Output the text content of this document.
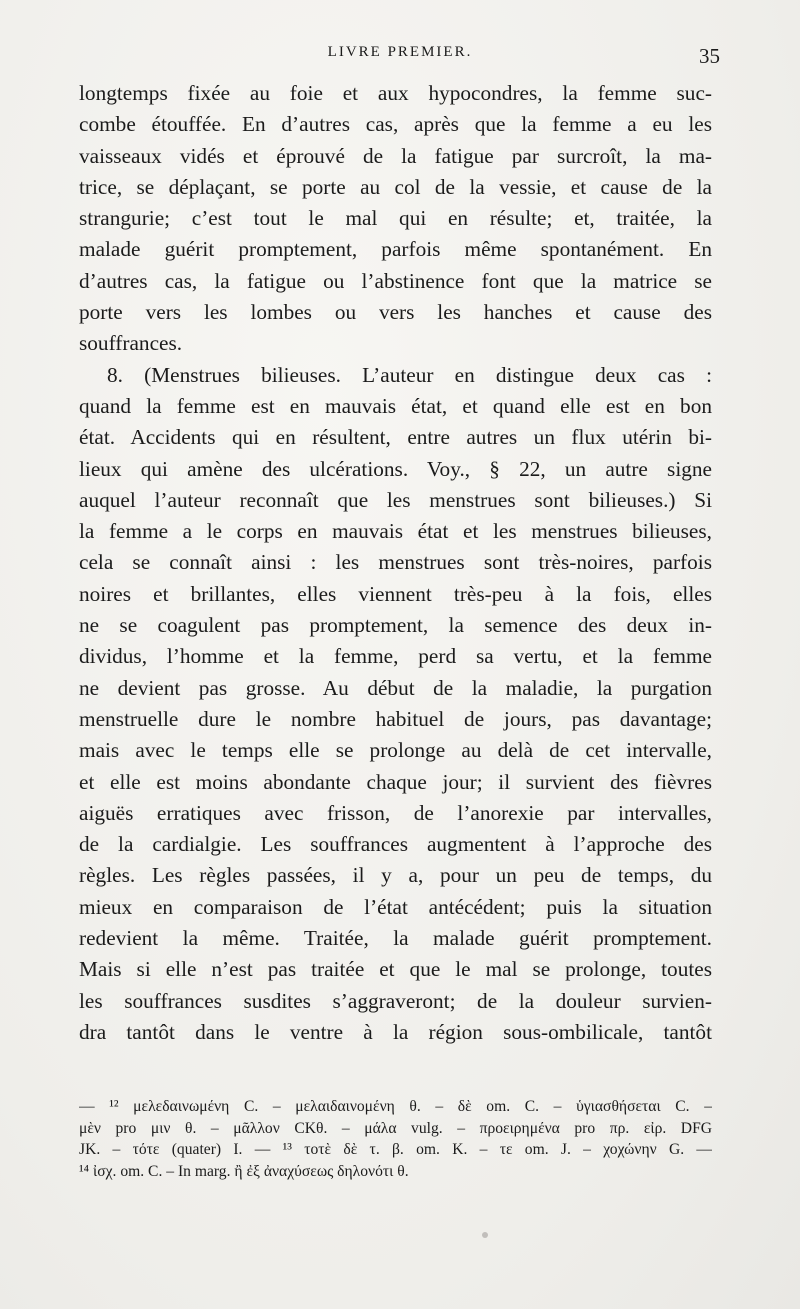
LIVRE PREMIER.	35
longtemps fixée au foie et aux hypocondres, la femme suc-
combe étouffée. En d’autres cas, après que la femme a eu les
vaisseaux vidés et éprouvé de la fatigue par surcroît, la ma-
trice, se déplaçant, se porte au col de la vessie, et cause de la
strangurie; c’est tout le mal qui en résulte; et, traitée, la
malade guérit promptement, parfois même spontanément. En
d’autres cas, la fatigue ou l’abstinence font que la matrice se
porte vers les lombes ou vers les hanches et cause des
souffrances.
8. (Menstrues bilieuses. L’auteur en distingue deux cas :
quand la femme est en mauvais état, et quand elle est en bon
état. Accidents qui en résultent, entre autres un flux utérin bi-
lieux qui amène des ulcérations. Voy., § 22, un autre signe
auquel l’auteur reconnaît que les menstrues sont bilieuses.) Si
la femme a le corps en mauvais état et les menstrues bilieuses,
cela se connaît ainsi : les menstrues sont très-noires, parfois
noires et brillantes, elles viennent très-peu à la fois, elles
ne se coagulent pas promptement, la semence des deux in-
dividus, l’homme et la femme, perd sa vertu, et la femme
ne devient pas grosse. Au début de la maladie, la purgation
menstruelle dure le nombre habituel de jours, pas davantage;
mais avec le temps elle se prolonge au delà de cet intervalle,
et elle est moins abondante chaque jour; il survient des fièvres
aiguës erratiques avec frisson, de l’anorexie par intervalles,
de la cardialgie. Les souffrances augmentent à l’approche des
règles. Les règles passées, il y a, pour un peu de temps, du
mieux en comparaison de l’état antécédent; puis la situation
redevient la même. Traitée, la malade guérit promptement.
Mais si elle n’est pas traitée et que le mal se prolonge, toutes
les souffrances susdites s’aggraveront; de la douleur survien-
dra tantôt dans le ventre à la région sous-ombilicale, tantôt
— ¹² μελεδαινωμένη C. – μελαιδαινομένη θ. – δὲ om. C. – ὑγιασθήσεται C. –
μὲν pro μιν θ. – μᾶλλον CKθ. – μάλα vulg. – προειρημένα pro πρ. εἰρ. DFG
JK. – τότε (quater) I. — ¹³ τοτὲ δὲ τ. β. om. K. – τε om. J. – χοχώνην G. —
¹⁴ ἰσχ. om. C. – In marg. ἢ ἐξ ἀναχύσεως δηλονότι θ.
